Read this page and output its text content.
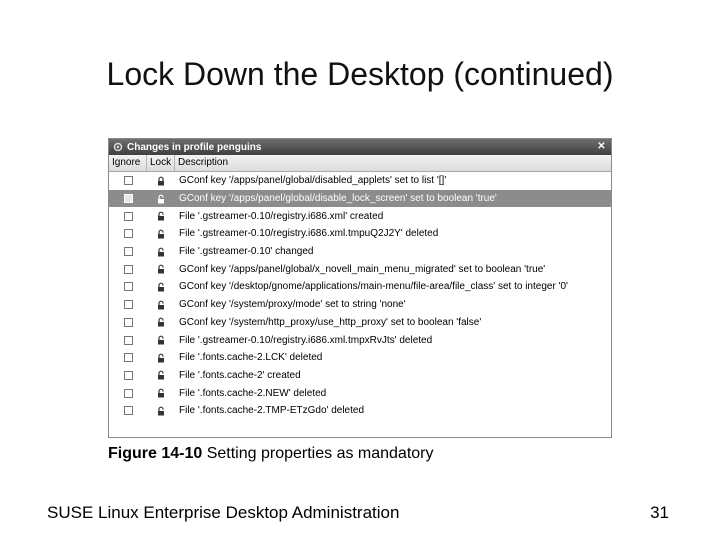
Lock Down the Desktop (continued)
Changes in profile penguins	✕
Ignore Lock Description
GConf key '/apps/panel/global/disabled_applets' set to list '[]'
GConf key '/apps/panel/global/disable_lock_screen' set to boolean 'true'
File '.gstreamer-0.10/registry.i686.xml' created
File '.gstreamer-0.10/registry.i686.xml.tmpuQ2J2Y' deleted
File '.gstreamer-0.10' changed
GConf key '/apps/panel/global/x_novell_main_menu_migrated' set to boolean 'true'
GConf key '/desktop/gnome/applications/main-menu/file-area/file_class' set to integer '0'
GConf key '/system/proxy/mode' set to string 'none'
GConf key '/system/http_proxy/use_http_proxy' set to boolean 'false'
File '.gstreamer-0.10/registry.i686.xml.tmpxRvJts' deleted
File '.fonts.cache-2.LCK' deleted
File '.fonts.cache-2' created
File '.fonts.cache-2.NEW' deleted
File '.fonts.cache-2.TMP-ETzGdo' deleted
Figure 14-10 Setting properties as mandatory
SUSE Linux Enterprise Desktop Administration	31
